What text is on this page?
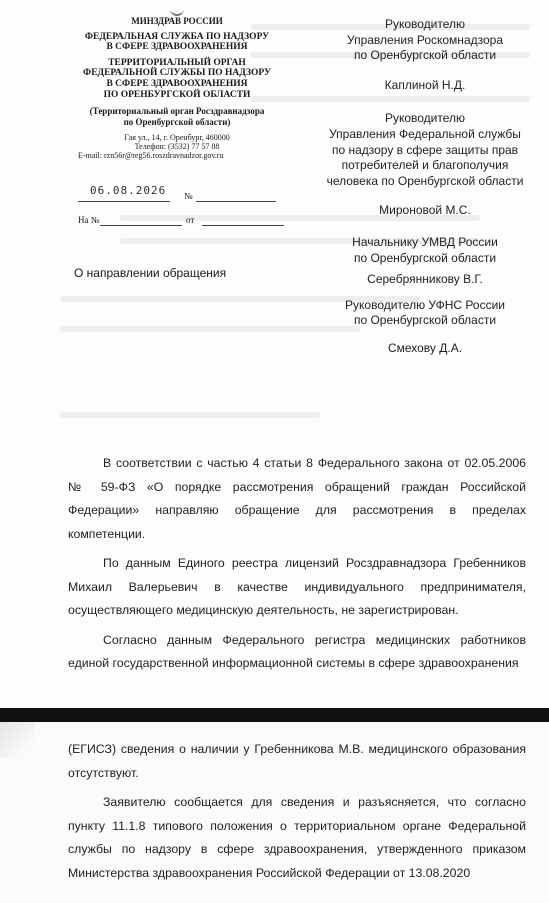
МИНЗДРАВ РОССИИ
ФЕДЕРАЛЬНАЯ СЛУЖБА ПО НАДЗОРУ
В СФЕРЕ ЗДРАВООХРАНЕНИЯ
ТЕРРИТОРИАЛЬНЫЙ ОРГАН
ФЕДЕРАЛЬНОЙ СЛУЖБЫ ПО НАДЗОРУ
В СФЕРЕ ЗДРАВООХРАНЕНИЯ
ПО ОРЕНБУРГСКОЙ ОБЛАСТИ
(Территориальный орган Росздравнадзора
по Оренбургской области)
Гая ул., 14, г. Оренбург, 460000
Телефон: (3532) 77 57 88
E-mail: rzn56r@reg56.roszdravnadzor.gov.ru
06.08.2026 №
На №	от
Руководителю
Управления Роскомнадзора
по Оренбургской области
Каплиной Н.Д.
Руководителю
Управления Федеральной службы
по надзору в сфере защиты прав
потребителей и благополучия
человека по Оренбургской области
Мироновой М.С.
Начальнику УМВД России
по Оренбургской области
Серебрянникову В.Г.
Руководителю УФНС России
по Оренбургской области
Смехову Д.А.
О направлении обращения

В соответствии с частью 4 статьи 8 Федерального закона от 02.05.2006 № 59-ФЗ «О порядке рассмотрения обращений граждан Российской Федерации» направляю обращение для рассмотрения в пределах компетенции.

По данным Единого реестра лицензий Росздравнадзора Гребенников Михаил Валерьевич в качестве индивидуального предпринимателя, осуществляющего медицинскую деятельность, не зарегистрирован.

Согласно данным Федерального регистра медицинских работников единой государственной информационной системы в сфере здравоохранения

(ЕГИСЗ) сведения о наличии у Гребенникова М.В. медицинского образования отсутствуют.

Заявителю сообщается для сведения и разъясняется, что согласно пункту 11.1.8 типового положения о территориальном органе Федеральной службы по надзору в сфере здравоохранения, утвержденного приказом Министерства здравоохранения Российской Федерации от 13.08.2020
